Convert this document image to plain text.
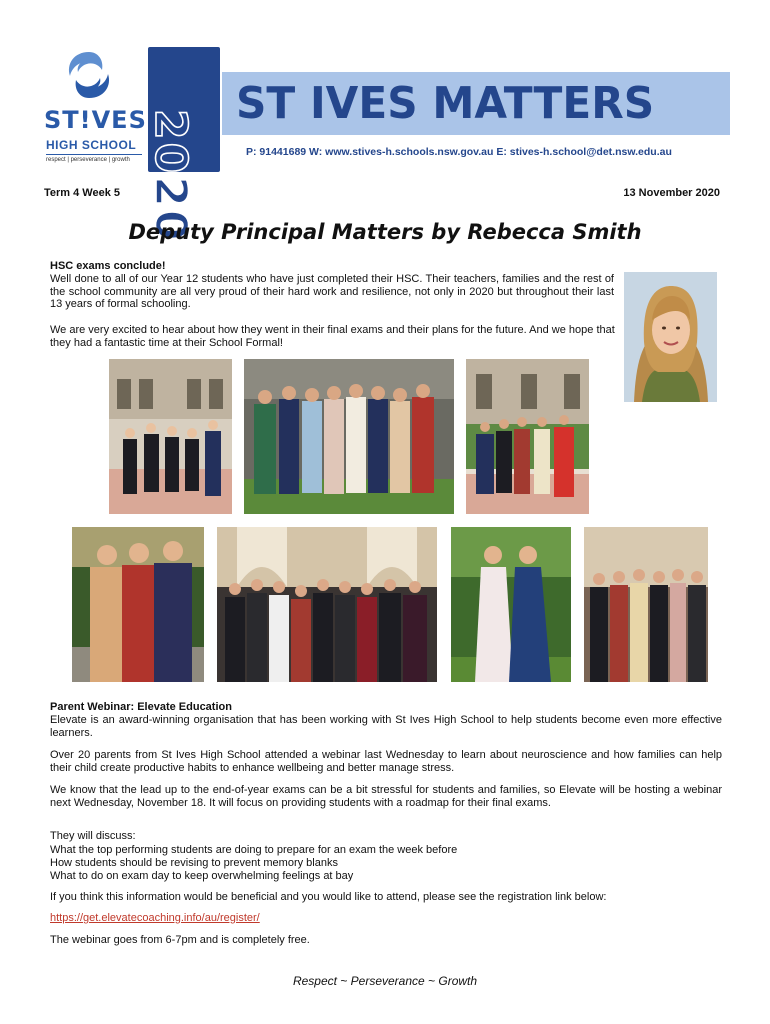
ST!VES
HIGH SCHOOL
respect | perseverance | growth 2020
ST IVES MATTERS
P: 91441689 W: www.stives-h.schools.nsw.gov.au E: stives-h.school@det.nsw.edu.au
Term 4 Week 5	13 November 2020
Deputy Principal Matters by Rebecca Smith
HSC exams conclude!
Well done to all of our Year 12 students who have just completed their HSC. Their teachers, families and the rest of the school community are all very proud of their hard work and resilience, not only in 2020 but throughout their last 13 years of formal schooling.
We are very excited to hear about how they went in their final exams and their plans for the future. And we hope that they had a fantastic time at their School Formal!
Parent Webinar: Elevate Education
Elevate is an award-winning organisation that has been working with St Ives High School to help students become even more effective learners.
Over 20 parents from St Ives High School attended a webinar last Wednesday to learn about neuroscience and how families can help their child create productive habits to enhance wellbeing and better manage stress.
We know that the lead up to the end-of-year exams can be a bit stressful for students and families, so Elevate will be hosting a webinar next Wednesday, November 18. It will focus on providing students with a roadmap for their final exams.
They will discuss:
What the top performing students are doing to prepare for an exam the week before
How students should be revising to prevent memory blanks
What to do on exam day to keep overwhelming feelings at bay
If you think this information would be beneficial and you would like to attend, please see the registration link below:
https://get.elevatecoaching.info/au/register/
The webinar goes from 6-7pm and is completely free.
Respect ~ Perseverance ~ Growth
